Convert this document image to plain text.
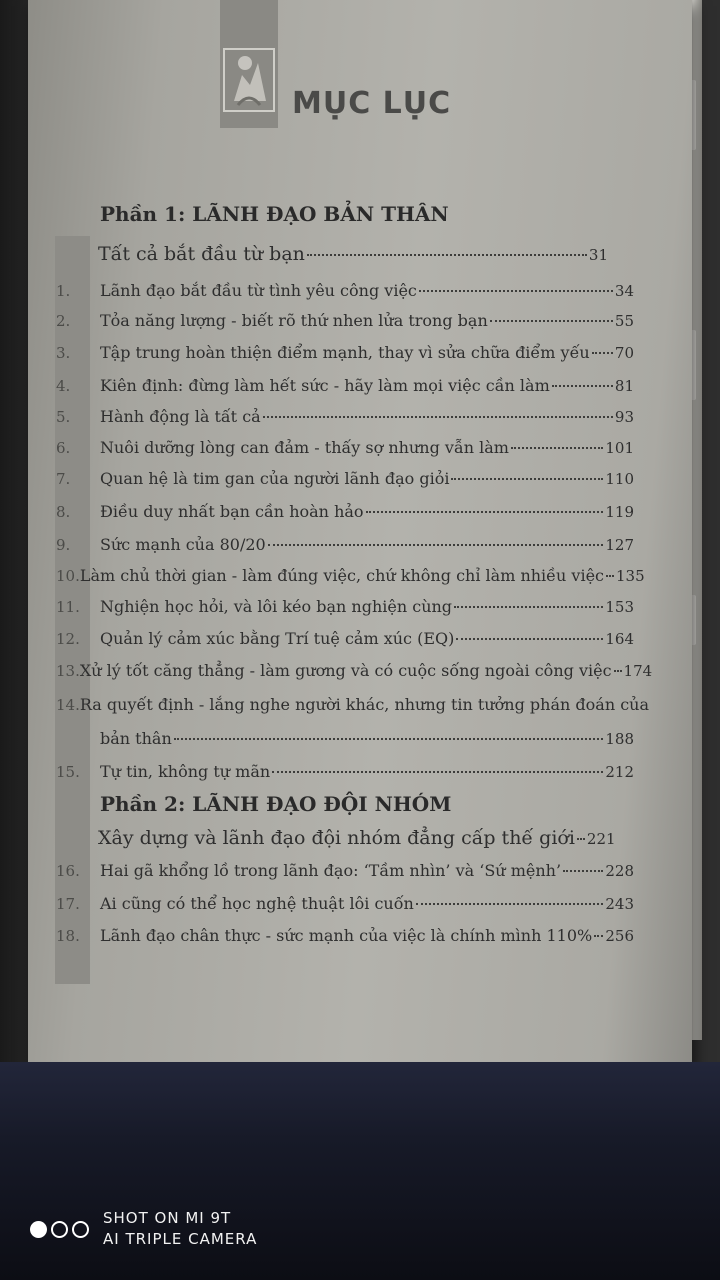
MỤC LỤC
Phần 1: LÃNH ĐẠO BẢN THÂN
Tất cả bắt đầu từ bạn	31
1.	Lãnh đạo bắt đầu từ tình yêu công việc	34
2.	Tỏa năng lượng - biết rõ thứ nhen lửa trong bạn	55
3.	Tập trung hoàn thiện điểm mạnh, thay vì sửa chữa điểm yếu 70
4.	Kiên định: đừng làm hết sức - hãy làm mọi việc cần làm	81
5.	Hành động là tất cả	93
6.	Nuôi dưỡng lòng can đảm - thấy sợ nhưng vẫn làm	101
7.	Quan hệ là tim gan của người lãnh đạo giỏi	110
8.	Điều duy nhất bạn cần hoàn hảo	119
9.	Sức mạnh của 80/20	127
10. Làm chủ thời gian - làm đúng việc, chứ không chỉ làm nhiều việc 135
11.	Nghiện học hỏi, và lôi kéo bạn nghiện cùng	153
12.	Quản lý cảm xúc bằng Trí tuệ cảm xúc (EQ)	164
13. Xử lý tốt căng thẳng - làm gương và có cuộc sống ngoài công việc 174
14. Ra quyết định - lắng nghe người khác, nhưng tin tưởng phán đoán của
bản thân	188
15.	Tự tin, không tự mãn	212
Phần 2: LÃNH ĐẠO ĐỘI NHÓM
Xây dựng và lãnh đạo đội nhóm đẳng cấp thế giới 221
16.	Hai gã khổng lồ trong lãnh đạo: ‘Tầm nhìn’ và ‘Sứ mệnh’	228
17.	Ai cũng có thể học nghệ thuật lôi cuốn	243
18.	Lãnh đạo chân thực - sức mạnh của việc là chính mình 110% 256
SHOT ON MI 9T
AI TRIPLE CAMERA
